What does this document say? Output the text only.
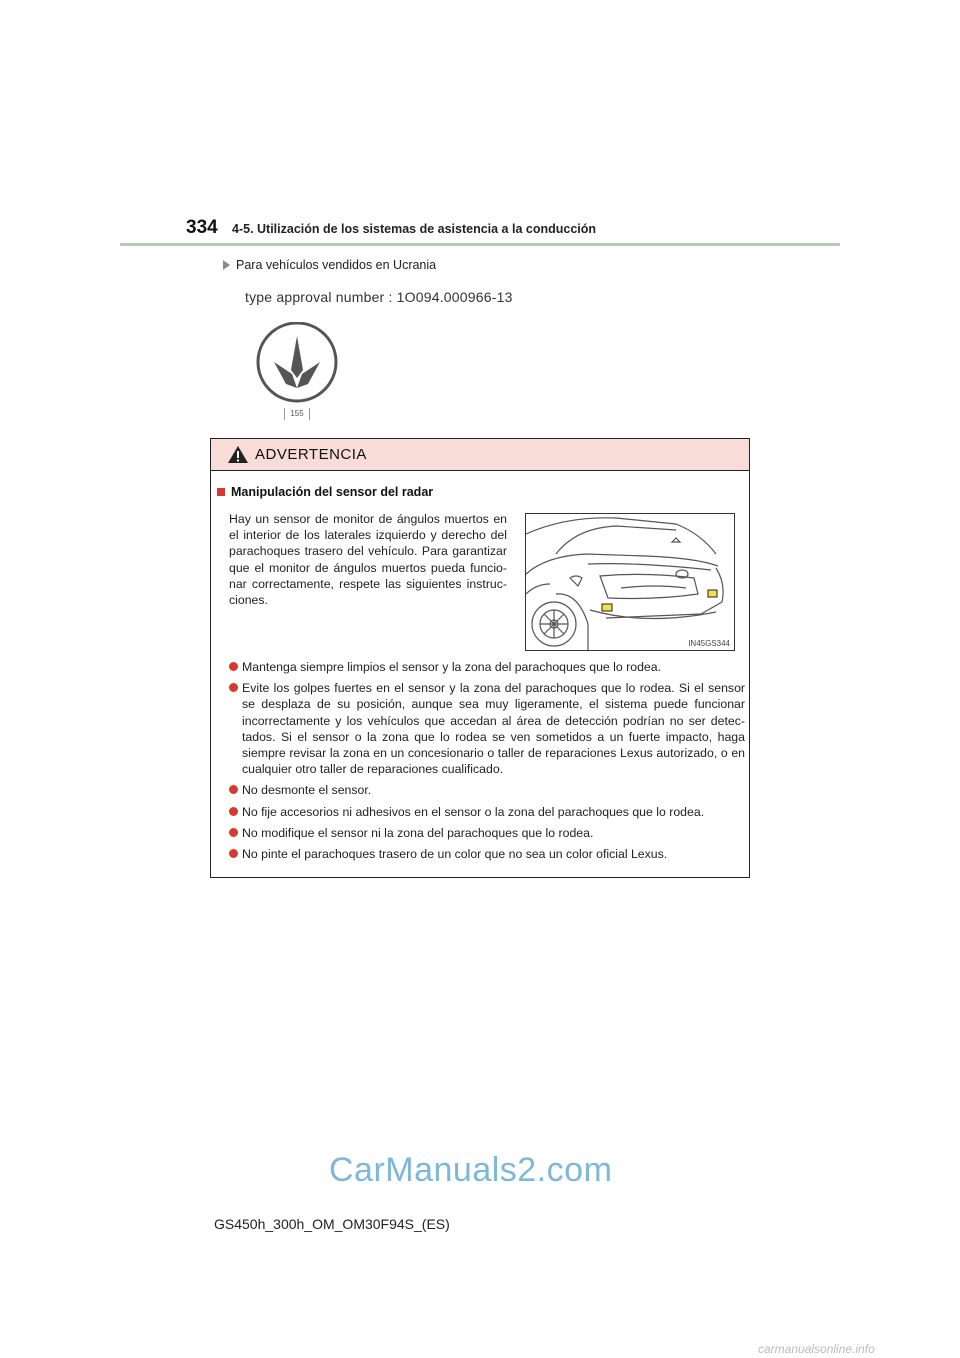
334 4-5. Utilización de los sistemas de asistencia a la conducción
Para vehículos vendidos en Ucrania
type approval number : 1O094.000966-13
155
ADVERTENCIA
Manipulación del sensor del radar
Hay un sensor de monitor de ángulos muertos en el interior de los laterales izquierdo y derecho del parachoques trasero del vehículo. Para garantizar que el monitor de ángulos muertos pueda funcio-nar correctamente, respete las siguientes instruc-ciones.
IN45GS344
Mantenga siempre limpios el sensor y la zona del parachoques que lo rodea.
Evite los golpes fuertes en el sensor y la zona del parachoques que lo rodea. Si el sensor se desplaza de su posición, aunque sea muy ligeramente, el sistema puede funcionar incorrectamente y los vehículos que accedan al área de detección podrían no ser detec-tados. Si el sensor o la zona que lo rodea se ven sometidos a un fuerte impacto, haga siempre revisar la zona en un concesionario o taller de reparaciones Lexus autorizado, o en cualquier otro taller de reparaciones cualificado.
No desmonte el sensor.
No fije accesorios ni adhesivos en el sensor o la zona del parachoques que lo rodea.
No modifique el sensor ni la zona del parachoques que lo rodea.
No pinte el parachoques trasero de un color que no sea un color oficial Lexus.
CarManuals2.com
GS450h_300h_OM_OM30F94S_(ES)
carmanualsonline.info
